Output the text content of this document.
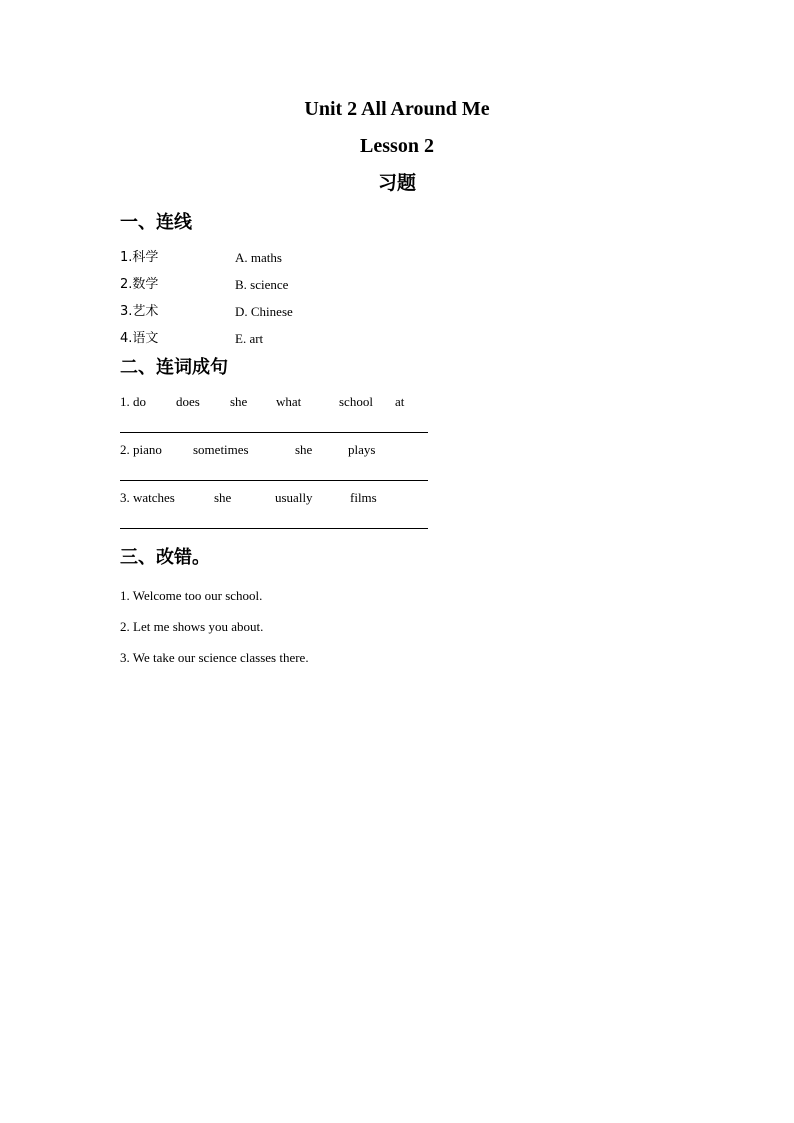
Unit 2 All Around Me
Lesson 2
习题
一、连线
1.科学	A. maths
2.数学	B. science
3.艺术	D. Chinese
4.语文	E. art
二、连词成句
1. do does she what	school at
2. piano sometimes	she	plays
3. watches	she	usually	films
三、改错。
1. Welcome too our school.
2. Let me shows you about.
3. We take our science classes there.
